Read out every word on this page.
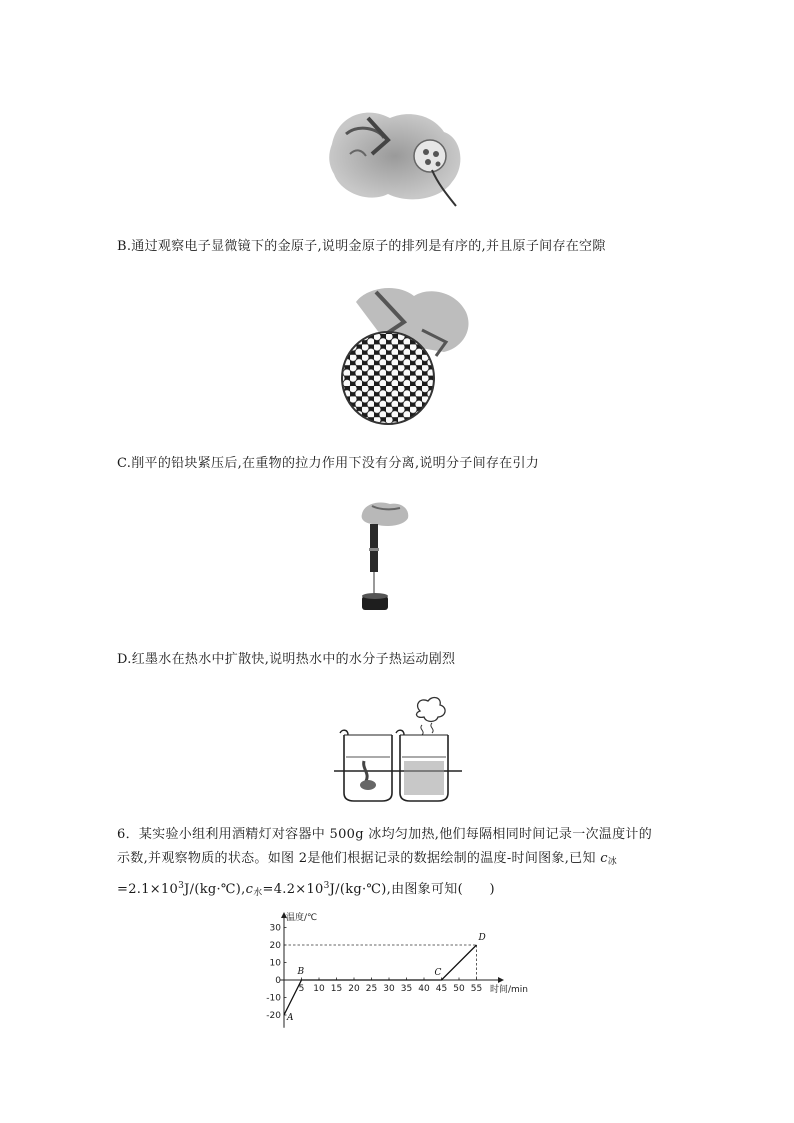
B.通过观察电子显微镜下的金原子,说明金原子的排列是有序的,并且原子间存在空隙
C.削平的铅块紧压后,在重物的拉力作用下没有分离,说明分子间存在引力
D.红墨水在热水中扩散快,说明热水中的水分子热运动剧烈

6．某实验小组利用酒精灯对容器中 500g 冰均匀加热,他们每隔相同时间记录一次温度计的

示数,并观察物质的状态。如图 2是他们根据记录的数据绘制的温度-时间图象,已知 $c_冰$

$=2.1\times 10^3J/(kg\cdot℃),c_水=4.2\times 10^3J/(kg\cdot℃)$,由图象可知(　　)

温度/℃
时间/min
5 10 15 20 25 30 35 40 45 50 55
30
20
10
0
-10
-20 A
B	C
D
